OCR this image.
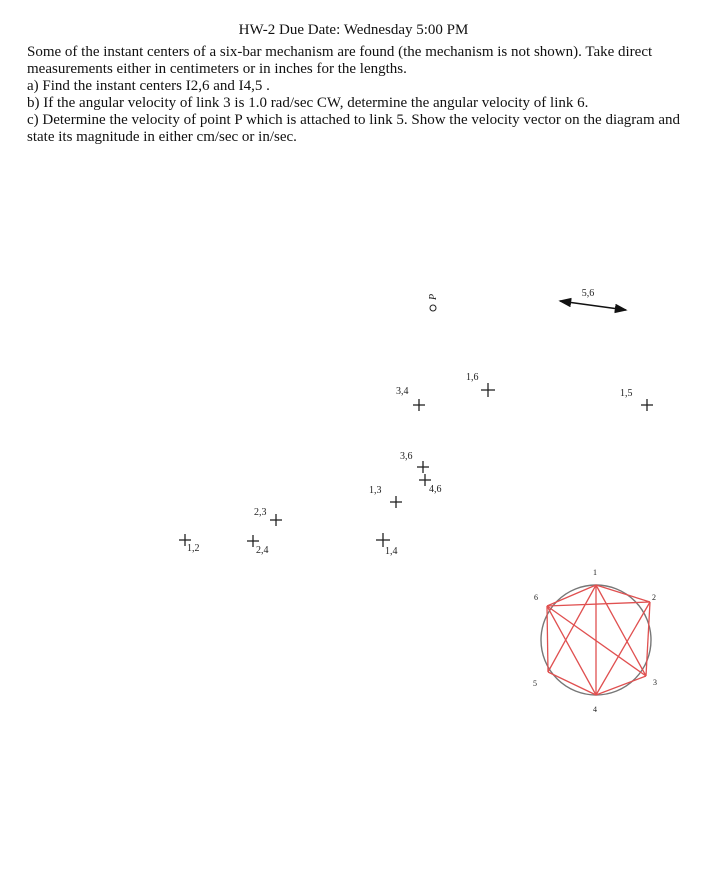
HW-2 Due Date: Wednesday 5:00 PM

Some of the instant centers of a six-bar mechanism are found (the mechanism is not shown). Take direct measurements either in centimeters or in inches for the lengths.

a) Find the instant centers I2,6 and I4,5 .

b) If the angular velocity of link 3 is 1.0 rad/sec CW, determine the angular velocity of link 6.

c) Determine the velocity of point P which is attached to link 5. Show the velocity vector on the diagram and state its magnitude in either cm/sec or in/sec.

P	5,6
3,4
1,6
1,5
3,6
4,6
1,3
2,3
1,2	2,4	1,4
1
2
3
4
5
6
